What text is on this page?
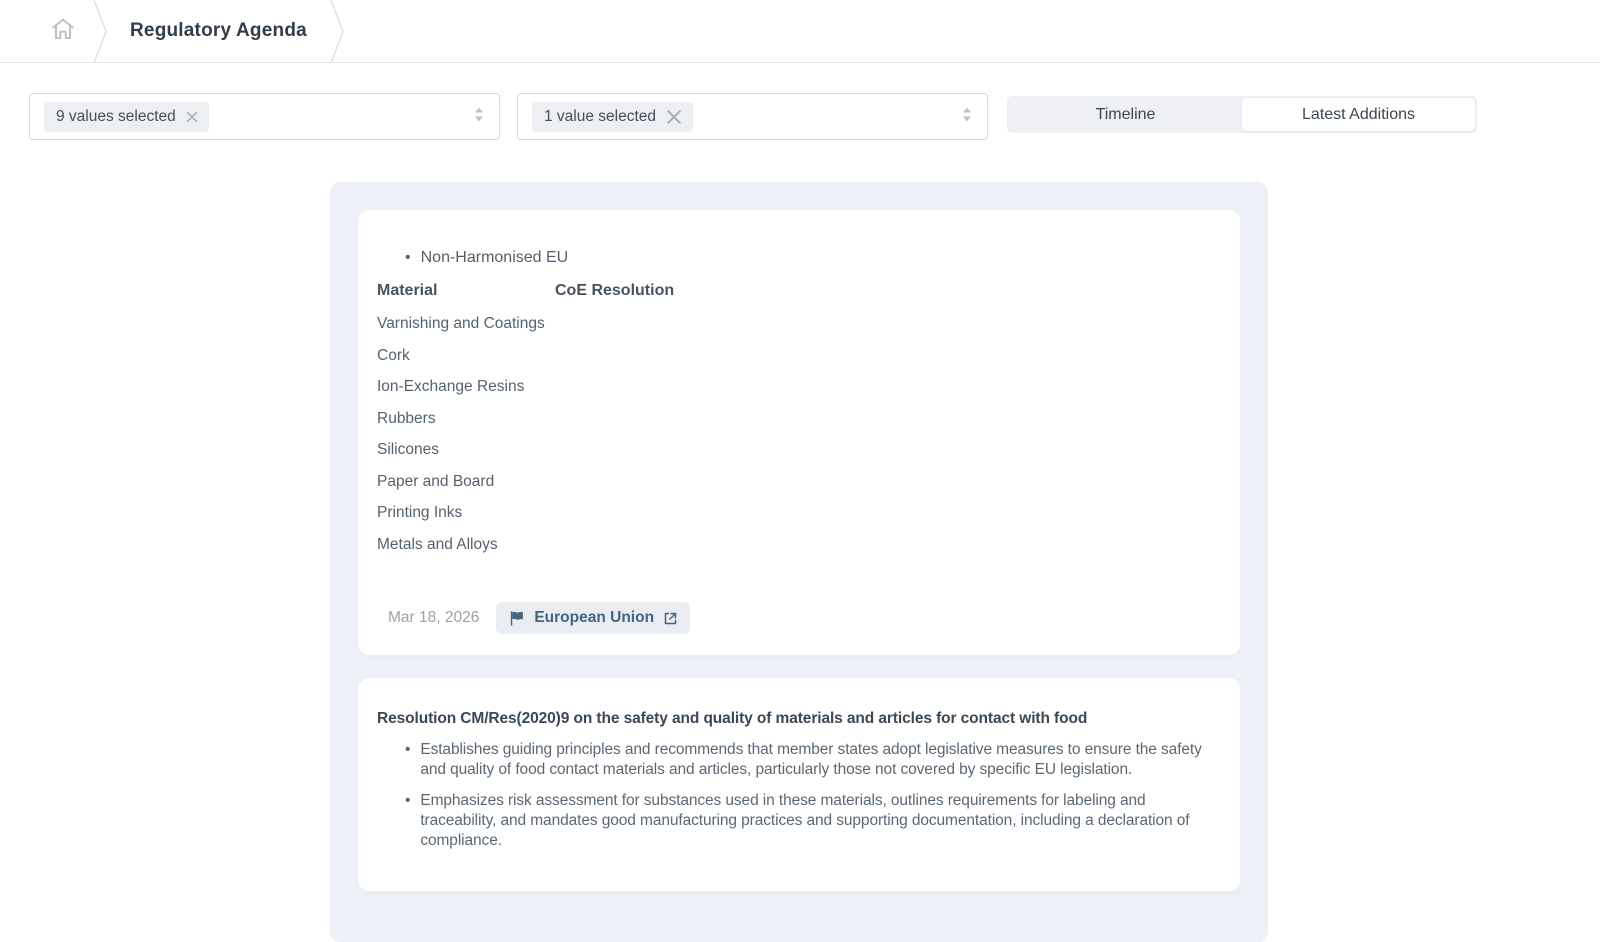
Regulatory Agenda
9 values selected	1 value selected	Timeline	Latest Additions
• Non-Harmonised EU
Material	CoE Resolution
Varnishing and Coatings
Cork
Ion-Exchange Resins
Rubbers
Silicones
Paper and Board
Printing Inks
Metals and Alloys
Mar 18, 2026	European Union
Resolution CM/Res(2020)9 on the safety and quality of materials and articles for contact with food
• Establishes guiding principles and recommends that member states adopt legislative measures to ensure the safety and quality of food contact materials and articles, particularly those not covered by specific EU legislation.
• Emphasizes risk assessment for substances used in these materials, outlines requirements for labeling and traceability, and mandates good manufacturing practices and supporting documentation, including a declaration of compliance.
